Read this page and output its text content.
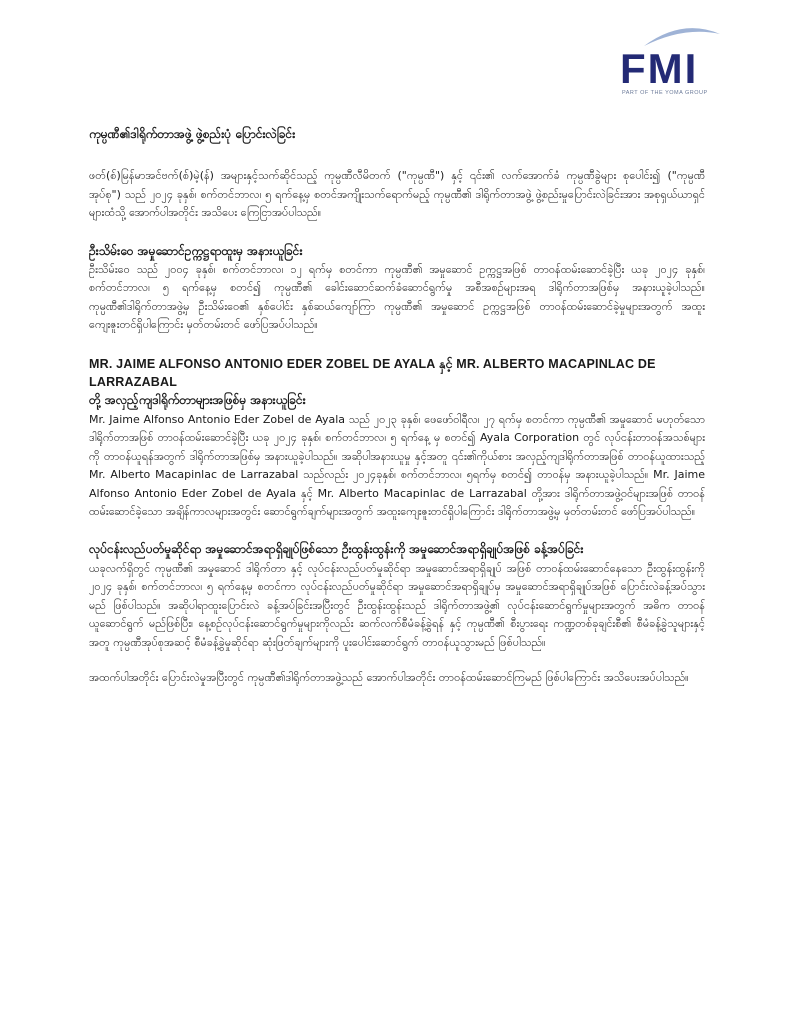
FMI
PART OF THE YOMA GROUP

ကုမ္ပဏီ၏ဒါရိုက်တာအဖွဲ့ ဖွဲ့စည်းပုံ ပြောင်းလဲခြင်း

ဖတ်(စ်)မြန်မာအင်ဗက်(စ်)မဲ့(န်) အများနှင့်သက်ဆိုင်သည့် ကုမ္ပဏီလီမိတက် ("ကုမ္ပဏီ") နှင့် ၎င်း၏ လက်အောက်ခံ ကုမ္ပဏီခွဲများ စုပေါင်း၍ ("ကုမ္ပဏီအုပ်စု") သည် ၂၀၂၄ ခုနှစ်၊ စက်တင်ဘာလ၊ ၅ ရက်နေ့မှ စတင်အကျိုးသက်ရောက်မည့် ကုမ္ပဏီ၏ ဒါရိုက်တာအဖွဲ့ ဖွဲ့စည်းမှုပြောင်းလဲခြင်းအား အစုရှယ်ယာရှင်များထံသို့ အောက်ပါအတိုင်း အသိပေး ကြေငြာအပ်ပါသည်။

ဦးသိမ်းဝေ အမှုဆောင်ဥက္ကဋ္ဌရာထူးမှ အနားယူခြင်း

ဦးသိမ်းဝေ သည် ၂၀၀၄ ခုနှစ်၊ စက်တင်ဘာလ၊ ၁၂ ရက်မှ စတင်ကာ ကုမ္ပဏီ၏ အမှုဆောင် ဥက္ကဋ္ဌအဖြစ် တာဝန်ထမ်းဆောင်ခဲ့ပြီး ယခု ၂၀၂၄ ခုနှစ်၊ စက်တင်ဘာလ၊ ၅ ရက်နေ့မှ စတင်၍ ကုမ္ပဏီ၏ ခေါင်းဆောင်ဆက်ခံဆောင်ရွက်မှု အစီအစဉ်များအရ ဒါရိုက်တာအဖြစ်မှ အနားယူခဲ့ပါသည်။ ကုမ္ပဏီ၏ဒါရိုက်တာအဖွဲ့မှ ဦးသိမ်းဝေ၏ နှစ်ပေါင်း နှစ်ဆယ်ကျော်ကြာ ကုမ္ပဏီ၏ အမှုဆောင် ဥက္ကဋ္ဌအဖြစ် တာဝန်ထမ်းဆောင်ခဲ့မှုများအတွက် အထူးကျေးဇူးတင်ရှိပါကြောင်း မှတ်တမ်းတင် ဖော်ပြအပ်ပါသည်။

MR. JAIME ALFONSO ANTONIO EDER ZOBEL DE AYALA နှင့် MR. ALBERTO MACAPINLAC DE LARRAZABAL

တို့ အလှည့်ကျဒါရိုက်တာများအဖြစ်မှ အနားယူခြင်း

Mr. Jaime Alfonso Antonio Eder Zobel de Ayala သည် ၂၀၂၃ ခုနှစ်၊ ဖေဖော်ဝါရီလ၊ ၂၇ ရက်မှ စတင်ကာ ကုမ္ပဏီ၏ အမှုဆောင် မဟုတ်သော ဒါရိုက်တာအဖြစ် တာဝန်ထမ်းဆောင်ခဲ့ပြီး ယခု ၂၀၂၄ ခုနှစ်၊ စက်တင်ဘာလ၊ ၅ ရက်နေ့ မှ စတင်၍ Ayala Corporation တွင် လုပ်ငန်းတာဝန်အသစ်များကို တာဝန်ယူရန်အတွက် ဒါရိုက်တာအဖြစ်မှ အနားယူခဲ့ပါသည်။ အဆိုပါအနားယူမှု နှင့်အတူ ၎င်း၏ကိုယ်စား အလှည့်ကျဒါရိုက်တာအဖြစ် တာဝန်ယူထားသည့် Mr. Alberto Macapinlac de Larrazabal သည်လည်း ၂၀၂၄ခုနှစ်၊ စက်တင်ဘာလ၊ ၅ရက်မှ စတင်၍ တာဝန်မှ အနားယူခဲ့ပါသည်။ Mr. Jaime Alfonso Antonio Eder Zobel de Ayala နှင့် Mr. Alberto Macapinlac de Larrazabal တို့အား ဒါရိုက်တာအဖွဲ့ဝင်များအဖြစ် တာဝန်ထမ်းဆောင်ခဲ့သော အချိန်ကာလများအတွင်း ဆောင်ရွက်ချက်များအတွက် အထူးကျေးဇူးတင်ရှိပါကြောင်း ဒါရိုက်တာအဖွဲ့မှ မှတ်တမ်းတင် ဖော်ပြအပ်ပါသည်။

လုပ်ငန်းလည်ပတ်မှုဆိုင်ရာ အမှုဆောင်အရာရှိချုပ်ဖြစ်သော ဦးထွန်းထွန်းကို အမှုဆောင်အရာရှိချုပ်အဖြစ် ခန့်အပ်ခြင်း

ယခုလက်ရှိတွင် ကုမ္ပဏီ၏ အမှုဆောင် ဒါရိုက်တာ နှင့် လုပ်ငန်းလည်ပတ်မှုဆိုင်ရာ အမှုဆောင်အရာရှိချုပ် အဖြစ် တာဝန်ထမ်းဆောင်နေသော ဦးထွန်းထွန်းကို ၂၀၂၄ ခုနှစ်၊ စက်တင်ဘာလ၊ ၅ ရက်နေ့မှ စတင်ကာ လုပ်ငန်းလည်ပတ်မှုဆိုင်ရာ အမှုဆောင်အရာရှိချုပ်မှ အမှုဆောင်အရာရှိချုပ်အဖြစ် ပြောင်းလဲခန့်အပ်သွားမည် ဖြစ်ပါသည်။ အဆိုပါရာထူးပြောင်းလဲ ခန့်အပ်ခြင်းအပြီးတွင် ဦးထွန်းထွန်းသည် ဒါရိုက်တာအဖွဲ့၏ လုပ်ငန်းဆောင်ရွက်မှုများအတွက် အဓိက တာဝန်ယူဆောင်ရွက် မည်ဖြစ်ပြီး၊ နေ့စဉ်လုပ်ငန်းဆောင်ရွက်မှုများကိုလည်း ဆက်လက်စီမံခန့်ခွဲရန် နှင့် ကုမ္ပဏီ၏ စီးပွားရေး ကဏ္ဍတစ်ခုချင်းစီ၏ စီမံခန့်ခွဲသူများနှင့်အတူ ကုမ္ပဏီအုပ်စုအဆင့် စီမံခန့်ခွဲမှုဆိုင်ရာ ဆုံးဖြတ်ချက်များကို ပူးပေါင်းဆောင်ရွက် တာဝန်ယူသွားမည် ဖြစ်ပါသည်။

အထက်ပါအတိုင်း ပြောင်းလဲမှုအပြီးတွင် ကုမ္ပဏီ၏ဒါရိုက်တာအဖွဲ့သည် အောက်ပါအတိုင်း တာဝန်ထမ်းဆောင်ကြမည် ဖြစ်ပါကြောင်း အသိပေးအပ်ပါသည်။
